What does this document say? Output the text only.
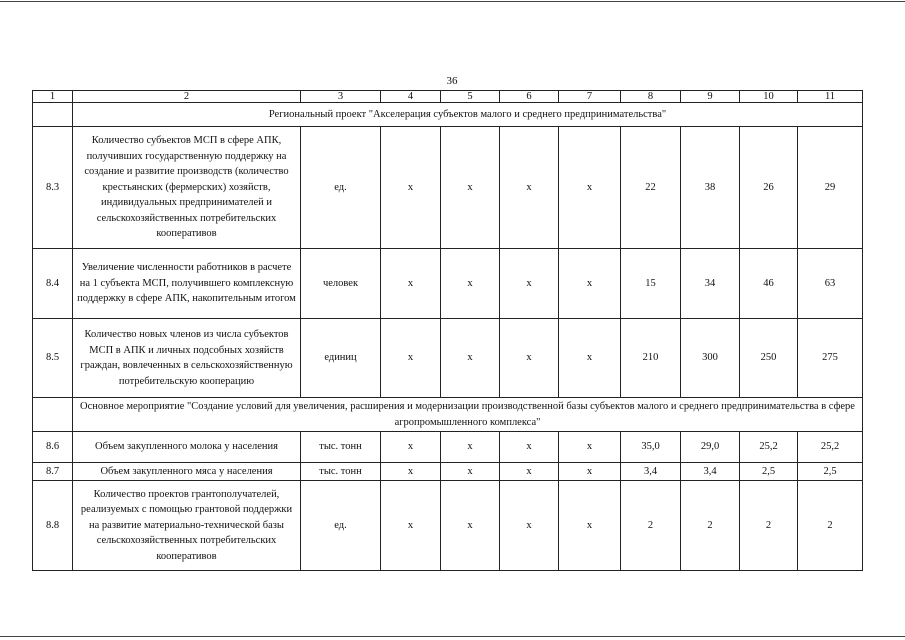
36
1	2	3	4	5	6	7	8	9	10	11
	Региональный проект "Акселерация субъектов малого и среднего предпринимательства"									
8.3	Количество субъектов МСП в сфере АПК, получивших государственную поддержку на создание и развитие производств (количество крестьянских (фермерских) хозяйств, индивидуальных предпринимателей и сельскохозяйственных потребительских кооперативов	ед.	x	x	x	x	22	38	26	29
8.4	Увеличение численности работников в расчете на 1 субъекта МСП, получившего комплексную поддержку в сфере АПК, накопительным итогом	человек	x	x	x	x	15	34	46	63
8.5	Количество новых членов из числа субъектов МСП в АПК и личных подсобных хозяйств граждан, вовлеченных в сельскохозяйственную потребительскую кооперацию	единиц	x	x	x	x	210	300	250	275
	Основное мероприятие "Создание условий для увеличения, расширения и модернизации производственной базы субъектов малого и среднего предпринимательства в сфере агропромышленного комплекса"									
8.6	Объем закупленного молока у населения	тыс. тонн	x	x	x	x	35,0	29,0	25,2	25,2
8.7	Объем закупленного мяса у населения	тыс. тонн	x	x	x	x	3,4	3,4	2,5	2,5
8.8	Количество проектов грантополучателей, реализуемых с помощью грантовой поддержки на развитие материально-технической базы сельскохозяйственных потребительских кооперативов	ед.	x	x	x	x	2	2	2	2
